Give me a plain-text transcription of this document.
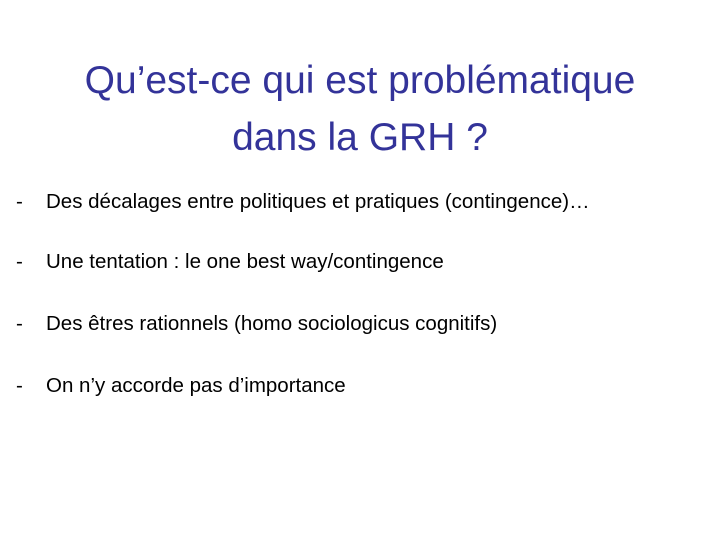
Qu’est-ce qui est problématique
dans la GRH ?
- Des décalages entre politiques et pratiques (contingence)…
- Une tentation : le one best way/contingence
- Des êtres rationnels (homo sociologicus cognitifs)
- On n’y accorde pas d’importance
